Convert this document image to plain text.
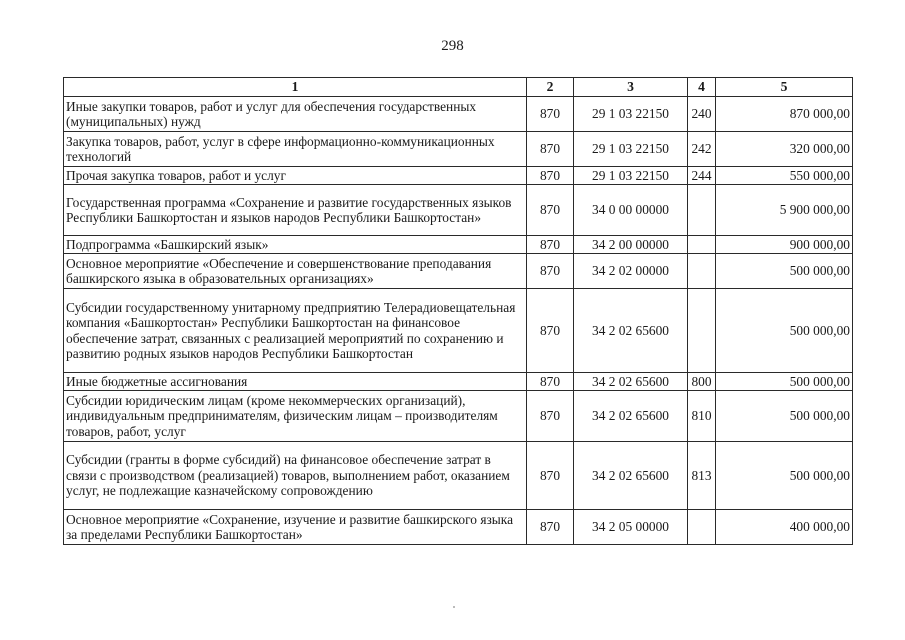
298
1	2	3	4	5
Иные закупки товаров, работ и услуг для обеспечения государственных (муниципальных) нужд	870	29 1 03 22150	240	870 000,00
Закупка товаров, работ, услуг в сфере информационно-коммуникационных технологий	870	29 1 03 22150	242	320 000,00
Прочая закупка товаров, работ и услуг	870	29 1 03 22150	244	550 000,00
Государственная программа «Сохранение и развитие государственных языков Республики Башкортостан и языков народов Республики Башкортостан»	870	34 0 00 00000		5 900 000,00
Подпрограмма «Башкирский язык»	870	34 2 00 00000		900 000,00
Основное мероприятие «Обеспечение и совершенствование преподавания башкирского языка в образовательных организациях»	870	34 2 02 00000		500 000,00
Субсидии государственному унитарному предприятию Телерадиовещательная компания «Башкортостан» Республики Башкортостан на финансовое обеспечение затрат, связанных с реализацией мероприятий по сохранению и развитию родных языков народов Республики Башкортостан	870	34 2 02 65600		500 000,00
Иные бюджетные ассигнования	870	34 2 02 65600	800	500 000,00
Субсидии юридическим лицам (кроме некоммерческих организаций), индивидуальным предпринимателям, физическим лицам – производителям товаров, работ, услуг	870	34 2 02 65600	810	500 000,00
Субсидии (гранты в форме субсидий) на финансовое обеспечение затрат в связи с производством (реализацией) товаров, выполнением работ, оказанием услуг, не подлежащие казначейскому сопровождению	870	34 2 02 65600	813	500 000,00
Основное мероприятие «Сохранение, изучение и развитие башкирского языка за пределами Республики Башкортостан»	870	34 2 05 00000		400 000,00
